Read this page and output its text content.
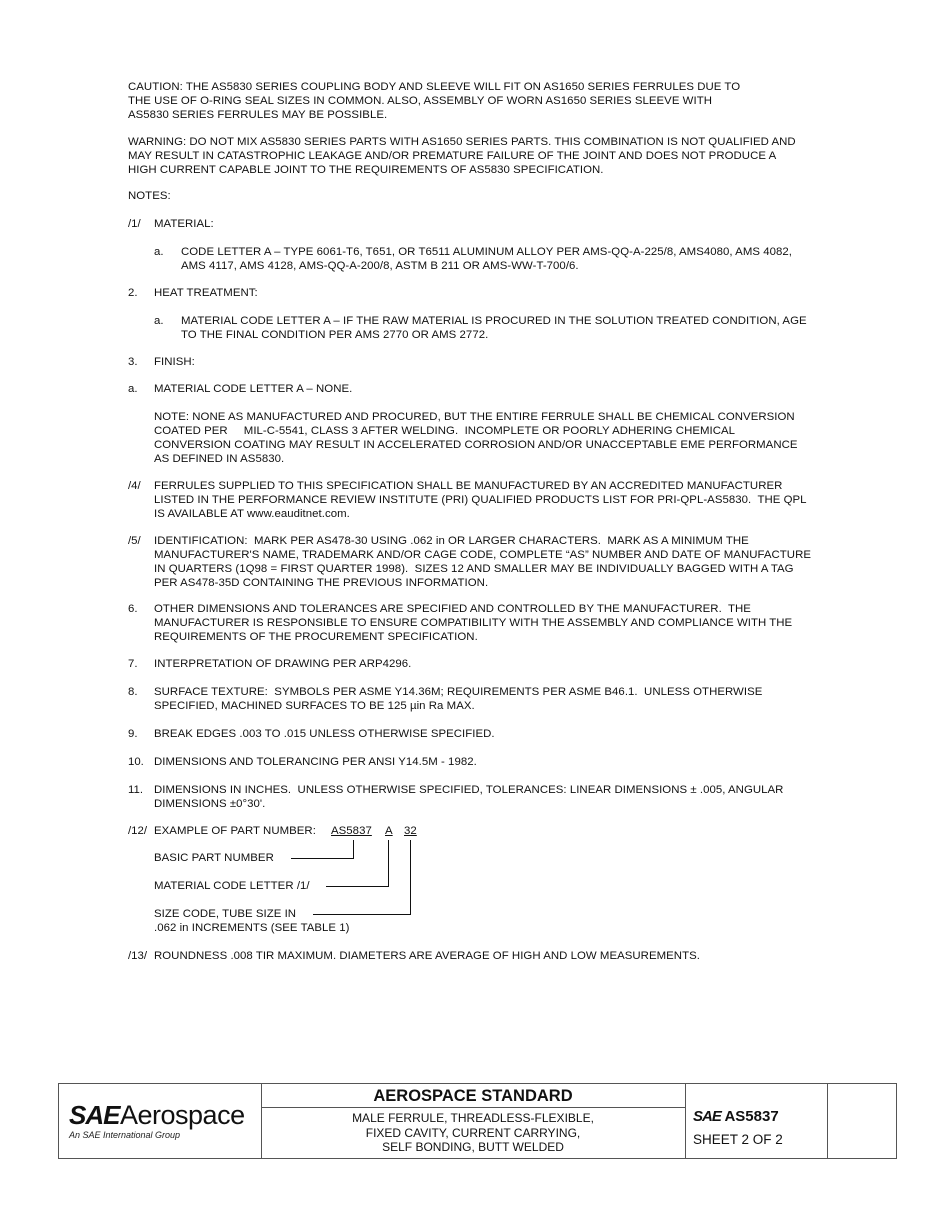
CAUTION: THE AS5830 SERIES COUPLING BODY AND SLEEVE WILL FIT ON AS1650 SERIES FERRULES DUE TO
THE USE OF O-RING SEAL SIZES IN COMMON. ALSO, ASSEMBLY OF WORN AS1650 SERIES SLEEVE WITH
AS5830 SERIES FERRULES MAY BE POSSIBLE.
WARNING: DO NOT MIX AS5830 SERIES PARTS WITH AS1650 SERIES PARTS. THIS COMBINATION IS NOT QUALIFIED AND
MAY RESULT IN CATASTROPHIC LEAKAGE AND/OR PREMATURE FAILURE OF THE JOINT AND DOES NOT PRODUCE A
HIGH CURRENT CAPABLE JOINT TO THE REQUIREMENTS OF AS5830 SPECIFICATION.
NOTES:
/1/ MATERIAL:
a. CODE LETTER A – TYPE 6061-T6, T651, OR T6511 ALUMINUM ALLOY PER AMS-QQ-A-225/8, AMS4080, AMS 4082,
AMS 4117, AMS 4128, AMS-QQ-A-200/8, ASTM B 211 OR AMS-WW-T-700/6.
2. HEAT TREATMENT:
a. MATERIAL CODE LETTER A – IF THE RAW MATERIAL IS PROCURED IN THE SOLUTION TREATED CONDITION, AGE
TO THE FINAL CONDITION PER AMS 2770 OR AMS 2772.
3. FINISH:
a. MATERIAL CODE LETTER A – NONE.
NOTE: NONE AS MANUFACTURED AND PROCURED, BUT THE ENTIRE FERRULE SHALL BE CHEMICAL CONVERSION
COATED PER     MIL-C-5541, CLASS 3 AFTER WELDING.  INCOMPLETE OR POORLY ADHERING CHEMICAL
CONVERSION COATING MAY RESULT IN ACCELERATED CORROSION AND/OR UNACCEPTABLE EME PERFORMANCE
AS DEFINED IN AS5830.
/4/ FERRULES SUPPLIED TO THIS SPECIFICATION SHALL BE MANUFACTURED BY AN ACCREDITED MANUFACTURER
LISTED IN THE PERFORMANCE REVIEW INSTITUTE (PRI) QUALIFIED PRODUCTS LIST FOR PRI-QPL-AS5830.  THE QPL
IS AVAILABLE AT www.eauditnet.com.
/5/ IDENTIFICATION:  MARK PER AS478-30 USING .062 in OR LARGER CHARACTERS.  MARK AS A MINIMUM THE
MANUFACTURER'S NAME, TRADEMARK AND/OR CAGE CODE, COMPLETE “AS” NUMBER AND DATE OF MANUFACTURE
IN QUARTERS (1Q98 = FIRST QUARTER 1998).  SIZES 12 AND SMALLER MAY BE INDIVIDUALLY BAGGED WITH A TAG
PER AS478-35D CONTAINING THE PREVIOUS INFORMATION.
6. OTHER DIMENSIONS AND TOLERANCES ARE SPECIFIED AND CONTROLLED BY THE MANUFACTURER.  THE
MANUFACTURER IS RESPONSIBLE TO ENSURE COMPATIBILITY WITH THE ASSEMBLY AND COMPLIANCE WITH THE
REQUIREMENTS OF THE PROCUREMENT SPECIFICATION.
7. INTERPRETATION OF DRAWING PER ARP4296.
8. SURFACE TEXTURE:  SYMBOLS PER ASME Y14.36M; REQUIREMENTS PER ASME B46.1.  UNLESS OTHERWISE
SPECIFIED, MACHINED SURFACES TO BE 125 µin Ra MAX.
9. BREAK EDGES .003 TO .015 UNLESS OTHERWISE SPECIFIED.
10. DIMENSIONS AND TOLERANCING PER ANSI Y14.5M - 1982.
11. DIMENSIONS IN INCHES.  UNLESS OTHERWISE SPECIFIED, TOLERANCES: LINEAR DIMENSIONS ± .005, ANGULAR
DIMENSIONS ±0°30'.
/12/ EXAMPLE OF PART NUMBER: AS5837 A 32
BASIC PART NUMBER
MATERIAL CODE LETTER /1/
SIZE CODE, TUBE SIZE IN
.062 in INCREMENTS (SEE TABLE 1)
/13/ ROUNDNESS .008 TIR MAXIMUM. DIAMETERS ARE AVERAGE OF HIGH AND LOW MEASUREMENTS.
SAE Aerospace
An SAE International Group
AEROSPACE STANDARD
MALE FERRULE, THREADLESS-FLEXIBLE,
FIXED CAVITY, CURRENT CARRYING,
SELF BONDING, BUTT WELDED
SAE AS5837
SHEET 2 OF 2
